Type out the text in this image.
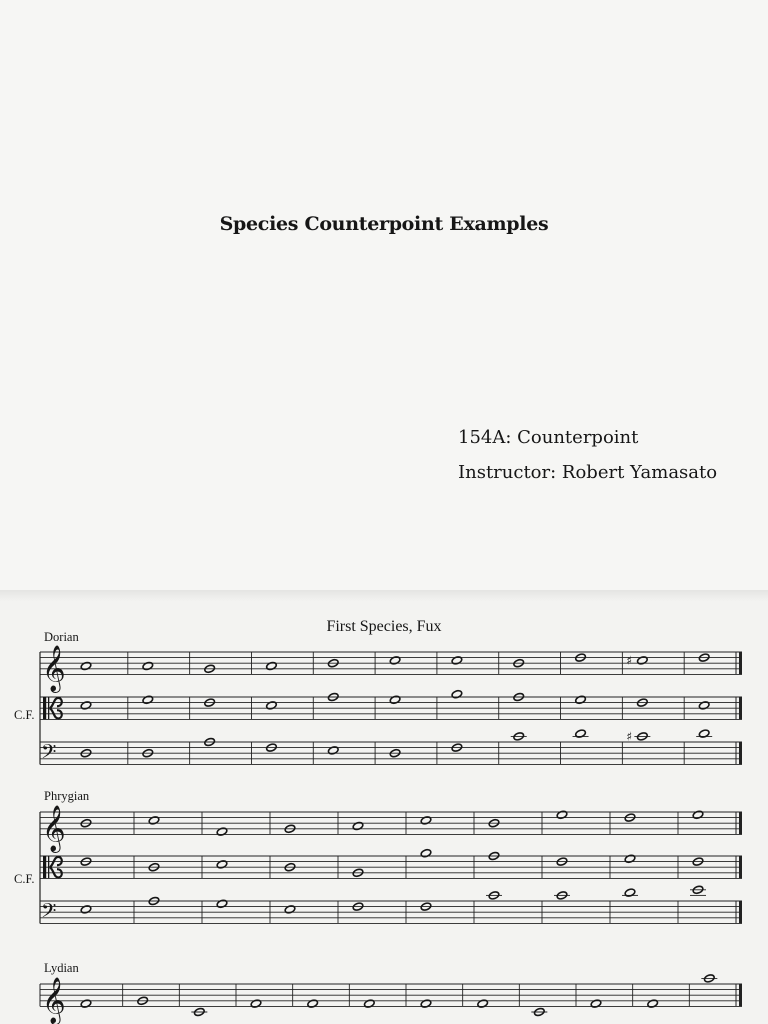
Species Counterpoint Examples
154A: Counterpoint
Instructor: Robert Yamasato
First Species, Fux
Dorian
C.F.
Phrygian
C.F.
Lydian
𝄞	♯
𝄢
♯
𝄞
𝄢
𝄞
